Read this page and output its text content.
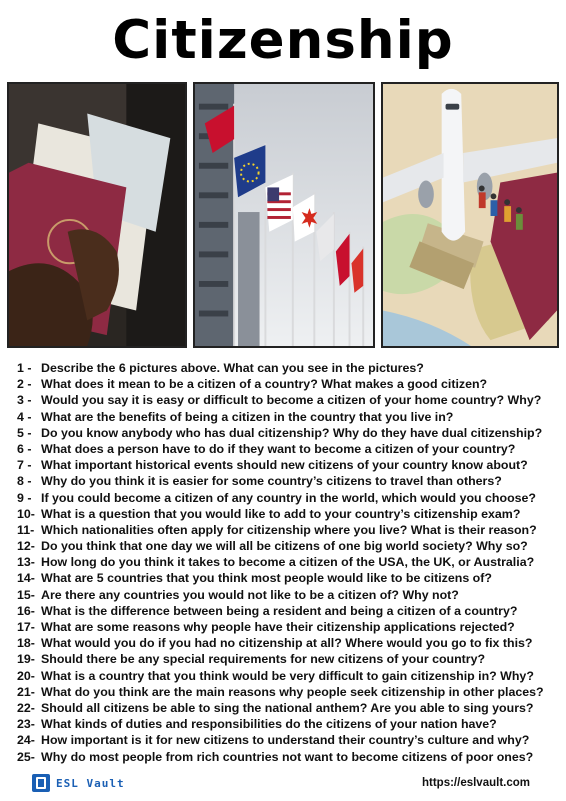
Citizenship
1 - Describe the 6 pictures above. What can you see in the pictures?
2 - What does it mean to be a citizen of a country? What makes a good citizen?
3 - Would you say it is easy or difficult to become a citizen of your home country? Why?
4 - What are the benefits of being a citizen in the country that you live in?
5 - Do you know anybody who has dual citizenship? Why do they have dual citizenship?
6 - What does a person have to do if they want to become a citizen of your country?
7 - What important historical events should new citizens of your country know about?
8 - Why do you think it is easier for some country’s citizens to travel than others?
9 - If you could become a citizen of any country in the world, which would you choose?
10- What is a question that you would like to add to your country’s citizenship exam?
11- Which nationalities often apply for citizenship where you live? What is their reason?
12- Do you think that one day we will all be citizens of one big world society? Why so?
13- How long do you think it takes to become a citizen of the USA, the UK, or Australia?
14- What are 5 countries that you think most people would like to be citizens of?
15- Are there any countries you would not like to be a citizen of? Why not?
16- What is the difference between being a resident and being a citizen of a country?
17- What are some reasons why people have their citizenship applications rejected?
18- What would you do if you had no citizenship at all? Where would you go to fix this?
19- Should there be any special requirements for new citizens of your country?
20- What is a country that you think would be very difficult to gain citizenship in? Why?
21- What do you think are the main reasons why people seek citizenship in other places?
22- Should all citizens be able to sing the national anthem? Are you able to sing yours?
23- What kinds of duties and responsibilities do the citizens of your nation have?
24- How important is it for new citizens to understand their country’s culture and why?
25- Why do most people from rich countries not want to become citizens of poor ones?
ESL Vault	https://eslvault.com
